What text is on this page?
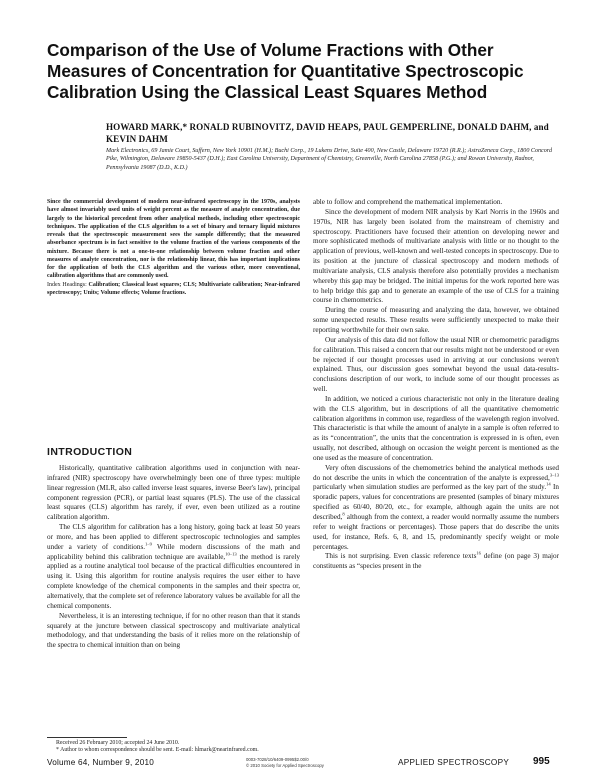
Comparison of the Use of Volume Fractions with Other Measures of Concentration for Quantitative Spectroscopic Calibration Using the Classical Least Squares Method
HOWARD MARK,* RONALD RUBINOVITZ, DAVID HEAPS, PAUL GEMPERLINE, DONALD DAHM, and KEVIN DAHM
Mark Electronics, 69 Jamie Court, Suffern, New York 10901 (H.M.); Buchi Corp., 19 Lukens Drive, Suite 400, New Castle, Delaware 19720 (R.R.); AstraZeneca Corp., 1800 Concord Pike, Wilmington, Delaware 19850-5437 (D.H.); East Carolina University, Department of Chemistry, Greenville, North Carolina 27858 (P.G.); and Rowan University, Radnor, Pennsylvania 19087 (D.D., K.D.)

Since the commercial development of modern near-infrared spectroscopy in the 1970s, analysts have almost invariably used units of weight percent as the measure of analyte concentration, due largely to the historical precedent from other analytical methods, including other spectroscopic techniques. The application of the CLS algorithm to a set of binary and ternary liquid mixtures reveals that the spectroscopic measurement sees the sample differently; that the measured absorbance spectrum is in fact sensitive to the volume fraction of the various components of the mixture. Because there is not a one-to-one relationship between volume fraction and other measures of analyte concentration, nor is the relationship linear, this has important implications for the application of both the CLS algorithm and the various other, more conventional, calibration algorithms that are commonly used.

Index Headings: Calibration; Classical least squares; CLS; Multivariate calibration; Near-infrared spectroscopy; Units; Volume effects; Volume fractions.

INTRODUCTION

Historically, quantitative calibration algorithms used in conjunction with near-infrared (NIR) spectroscopy have overwhelmingly been one of three types: multiple linear regression (MLR, also called inverse least squares, inverse Beer's law), principal component regression (PCR), or partial least squares (PLS). The use of the classical least squares (CLS) algorithm has rarely, if ever, even been utilized as a routine calibration algorithm.

The CLS algorithm for calibration has a long history, going back at least 50 years or more, and has been applied to different spectroscopic technologies and samples under a variety of conditions.$^{1-9}$ While modern discussions of the math and applicability behind this calibration technique are available,$^{10-13}$ the method is rarely applied as a routine analytical tool because of the practical difficulties encountered in using it. Using this algorithm for routine analysis requires the user either to have complete knowledge of the chemical components in the samples and their spectra or, alternatively, that the complete set of reference laboratory values be available for all the chemical components.

Nevertheless, it is an interesting technique, if for no other reason than that it stands squarely at the juncture between classical spectroscopy and multivariate analytical methodology, and that understanding the basis of it relies more on the relationship of the spectra to chemical intuition than on being

able to follow and comprehend the mathematical implementation.

Since the development of modern NIR analysis by Karl Norris in the 1960s and 1970s, NIR has largely been isolated from the mainstream of chemistry and spectroscopy. Practitioners have focused their attention on developing newer and more sophisticated methods of multivariate analysis with little or no thought to the application of previous, well-known and well-tested concepts in spectroscopy. Due to its position at the juncture of classical spectroscopy and modern methods of multivariate analysis, CLS analysis therefore also potentially provides a mechanism whereby this gap may be bridged. The initial impetus for the work reported here was to help bridge this gap and to generate an example of the use of CLS for a training course in chemometrics.

During the course of measuring and analyzing the data, however, we obtained some unexpected results. These results were sufficiently unexpected to make their reporting worthwhile for their own sake.

Our analysis of this data did not follow the usual NIR or chemometric paradigms for calibration. This raised a concern that our results might not be understood or even be rejected if our thought processes used in arriving at our conclusions weren't explained. Thus, our discussion goes somewhat beyond the usual data-results-conclusions description of our work, to include some of our thought processes as well.

In addition, we noticed a curious characteristic not only in the literature dealing with the CLS algorithm, but in descriptions of all the quantitative chemometric calibration algorithms in common use, regardless of the wavelength region involved. This characteristic is that while the amount of analyte in a sample is often referred to as its “concentration”, the units that the concentration is expressed in is often, even usually, not described, although on occasion the weight percent is mentioned as the one used as the measure of concentration.

Very often discussions of the chemometrics behind the analytical methods used do not describe the units in which the concentration of the analyte is expressed,$^{3-13}$ particularly when simulation studies are performed as the key part of the study.$^{14}$ In sporadic papers, values for concentrations are presented (samples of binary mixtures specified as 60/40, 80/20, etc., for example, although again the units are not described,$^8$ although from the context, a reader would normally assume the numbers refer to weight fractions or percentages). Those papers that do describe the units used, for instance, Refs. 6, 8, and 15, predominantly specify weight or mole percentages.

This is not surprising. Even classic reference texts$^{16}$ define (on page 3) major constituents as “species present in the

Received 26 February 2010; accepted 24 June 2010.

* Author to whom correspondence should be sent. E-mail: hlmark@nearinfrared.com.

Volume 64, Number 9, 2010	0003-7028/10/6409-0995$2.00/0
© 2010 Society for Applied Spectroscopy	APPLIED SPECTROSCOPY 995
